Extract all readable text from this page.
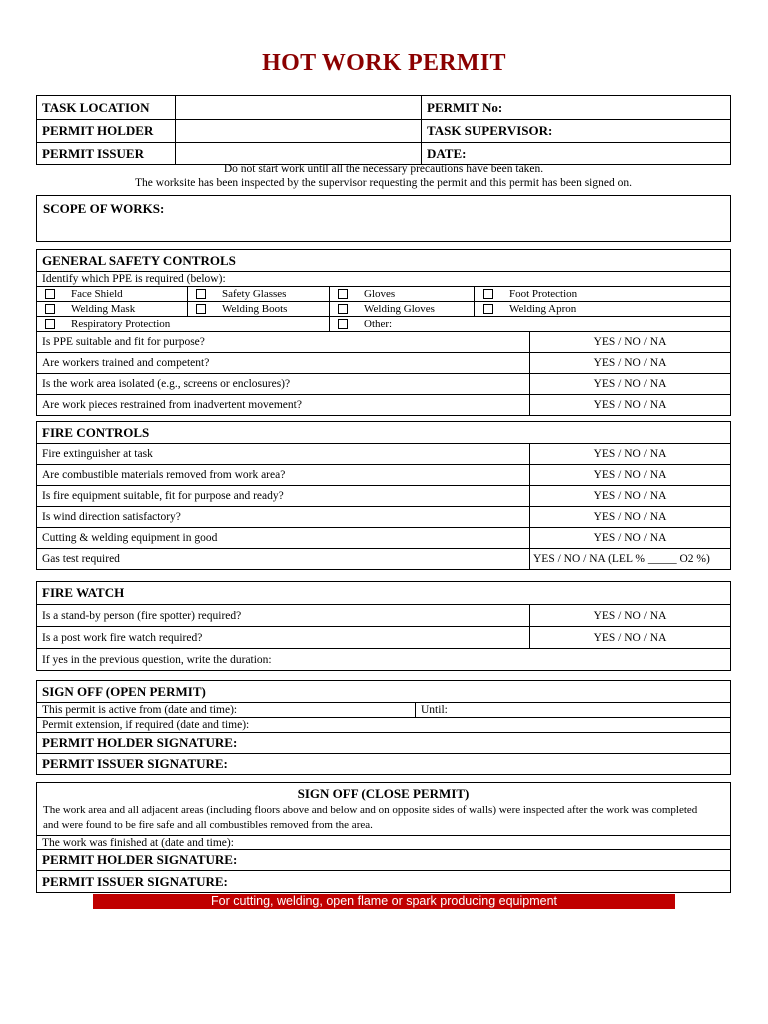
HOT WORK PERMIT
TASK LOCATION	PERMIT No:
PERMIT HOLDER	TASK SUPERVISOR:
PERMIT ISSUER	DATE:
Do not start work until all the necessary precautions have been taken.
The worksite has been inspected by the supervisor requesting the permit and this permit has been signed on.
SCOPE OF WORKS:
GENERAL SAFETY CONTROLS
Identify which PPE is required (below):
Face Shield	Safety Glasses	Gloves	Foot Protection
Welding Mask	Welding Boots	Welding Gloves	Welding Apron
Respiratory Protection	Other:
Is PPE suitable and fit for purpose?	YES / NO / NA
Are workers trained and competent?	YES / NO / NA
Is the work area isolated (e.g., screens or enclosures)?	YES / NO / NA
Are work pieces restrained from inadvertent movement?	YES / NO / NA
FIRE CONTROLS
Fire extinguisher at task	YES / NO / NA
Are combustible materials removed from work area?	YES / NO / NA
Is fire equipment suitable, fit for purpose and ready?	YES / NO / NA
Is wind direction satisfactory?	YES / NO / NA
Cutting & welding equipment in good	YES / NO / NA
Gas test required	YES / NO / NA (LEL % _____ O2 %)
FIRE WATCH
Is a stand-by person (fire spotter) required?	YES / NO / NA
Is a post work fire watch required?	YES / NO / NA
If yes in the previous question, write the duration:
SIGN OFF (OPEN PERMIT)
This permit is active from (date and time):	Until:
Permit extension, if required (date and time):
PERMIT HOLDER SIGNATURE:
PERMIT ISSUER SIGNATURE:
SIGN OFF (CLOSE PERMIT)
The work area and all adjacent areas (including floors above and below and on opposite sides of walls) were inspected after the work was completed
and were found to be fire safe and all combustibles removed from the area.
The work was finished at (date and time):
PERMIT HOLDER SIGNATURE:
PERMIT ISSUER SIGNATURE:
For cutting, welding, open flame or spark producing equipment
